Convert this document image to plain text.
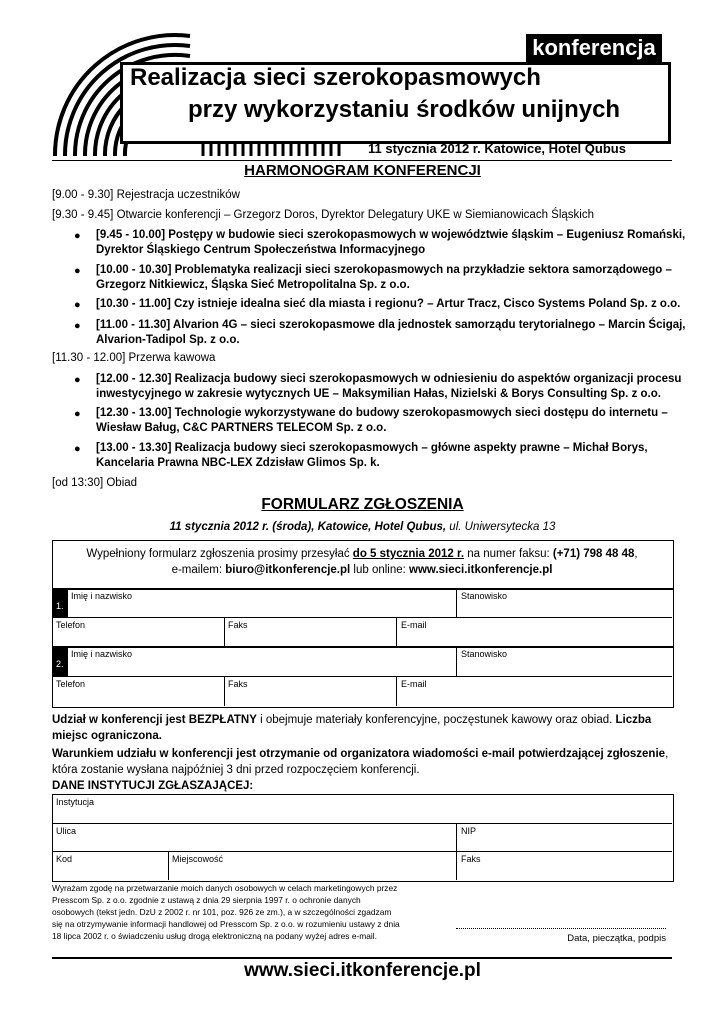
konferencja
Realizacja sieci szerokopasmowych
przy wykorzystaniu środków unijnych
11 stycznia 2012 r. Katowice, Hotel Qubus
HARMONOGRAM KONFERENCJI
[9.00 - 9.30] Rejestracja uczestników
[9.30 - 9.45] Otwarcie konferencji – Grzegorz Doros, Dyrektor Delegatury UKE w Siemianowicach Śląskich
● [9.45 - 10.00] Postępy w budowie sieci szerokopasmowych w województwie śląskim – Eugeniusz Romański,
Dyrektor Śląskiego Centrum Społeczeństwa Informacyjnego
● [10.00 - 10.30] Problematyka realizacji sieci szerokopasmowych na przykładzie sektora samorządowego –
Grzegorz Nitkiewicz, Śląska Sieć Metropolitalna Sp. z o.o.
● [10.30 - 11.00] Czy istnieje idealna sieć dla miasta i regionu? – Artur Tracz, Cisco Systems Poland Sp. z o.o.
● [11.00 - 11.30] Alvarion 4G – sieci szerokopasmowe dla jednostek samorządu terytorialnego – Marcin Ścigaj,
Alvarion-Tadipol Sp. z o.o.
[11.30 - 12.00] Przerwa kawowa
● [12.00 - 12.30] Realizacja budowy sieci szerokopasmowych w odniesieniu do aspektów organizacji procesu
inwestycyjnego w zakresie wytycznych UE – Maksymilian Hałas, Nizielski & Borys Consulting Sp. z o.o.
● [12.30 - 13.00] Technologie wykorzystywane do budowy szerokopasmowych sieci dostępu do internetu –
Wiesław Baług, C&C PARTNERS TELECOM Sp. z o.o.
● [13.00 - 13.30] Realizacja budowy sieci szerokopasmowych – główne aspekty prawne – Michał Borys,
Kancelaria Prawna NBC-LEX Zdzisław Glimos Sp. k.
[od 13:30] Obiad
FORMULARZ ZGŁOSZENIA
11 stycznia 2012 r. (środa), Katowice, Hotel Qubus, ul. Uniwersytecka 13
Wypełniony formularz zgłoszenia prosimy przesyłać do 5 stycznia 2012 r. na numer faksu: (+71) 798 48 48,
e-mailem: biuro@itkonferencje.pl lub online: www.sieci.itkonferencje.pl
1.
Imię i nazwisko	Stanowisko
Telefon	Faks	E-mail
2.
Imię i nazwisko	Stanowisko
Telefon	Faks	E-mail
Udział w konferencji jest BEZPŁATNY i obejmuje materiały konferencyjne, poczęstunek kawowy oraz obiad. Liczba miejsc ograniczona.
Warunkiem udziału w konferencji jest otrzymanie od organizatora wiadomości e-mail potwierdzającej zgłoszenie, która zostanie wysłana najpóźniej 3 dni przed rozpoczęciem konferencji.
DANE INSTYTUCJI ZGŁASZAJĄCEJ:
Instytucja
Ulica	NIP
Kod	Miejscowość	Faks
Wyrażam zgodę na przetwarzanie moich danych osobowych w celach marketingowych przez
Presscom Sp. z o.o. zgodnie z ustawą z dnia 29 sierpnia 1997 r. o ochronie danych
osobowych (tekst jedn. DzU z 2002 r. nr 101, poz. 926 ze zm.), a w szczególności zgadzam
się na otrzymywanie informacji handlowej od Presscom Sp. z o.o. w rozumieniu ustawy z dnia
18 lipca 2002 r. o świadczeniu usług drogą elektroniczną na podany wyżej adres e-mail.	Data, pieczątka, podpis
www.sieci.itkonferencje.pl
